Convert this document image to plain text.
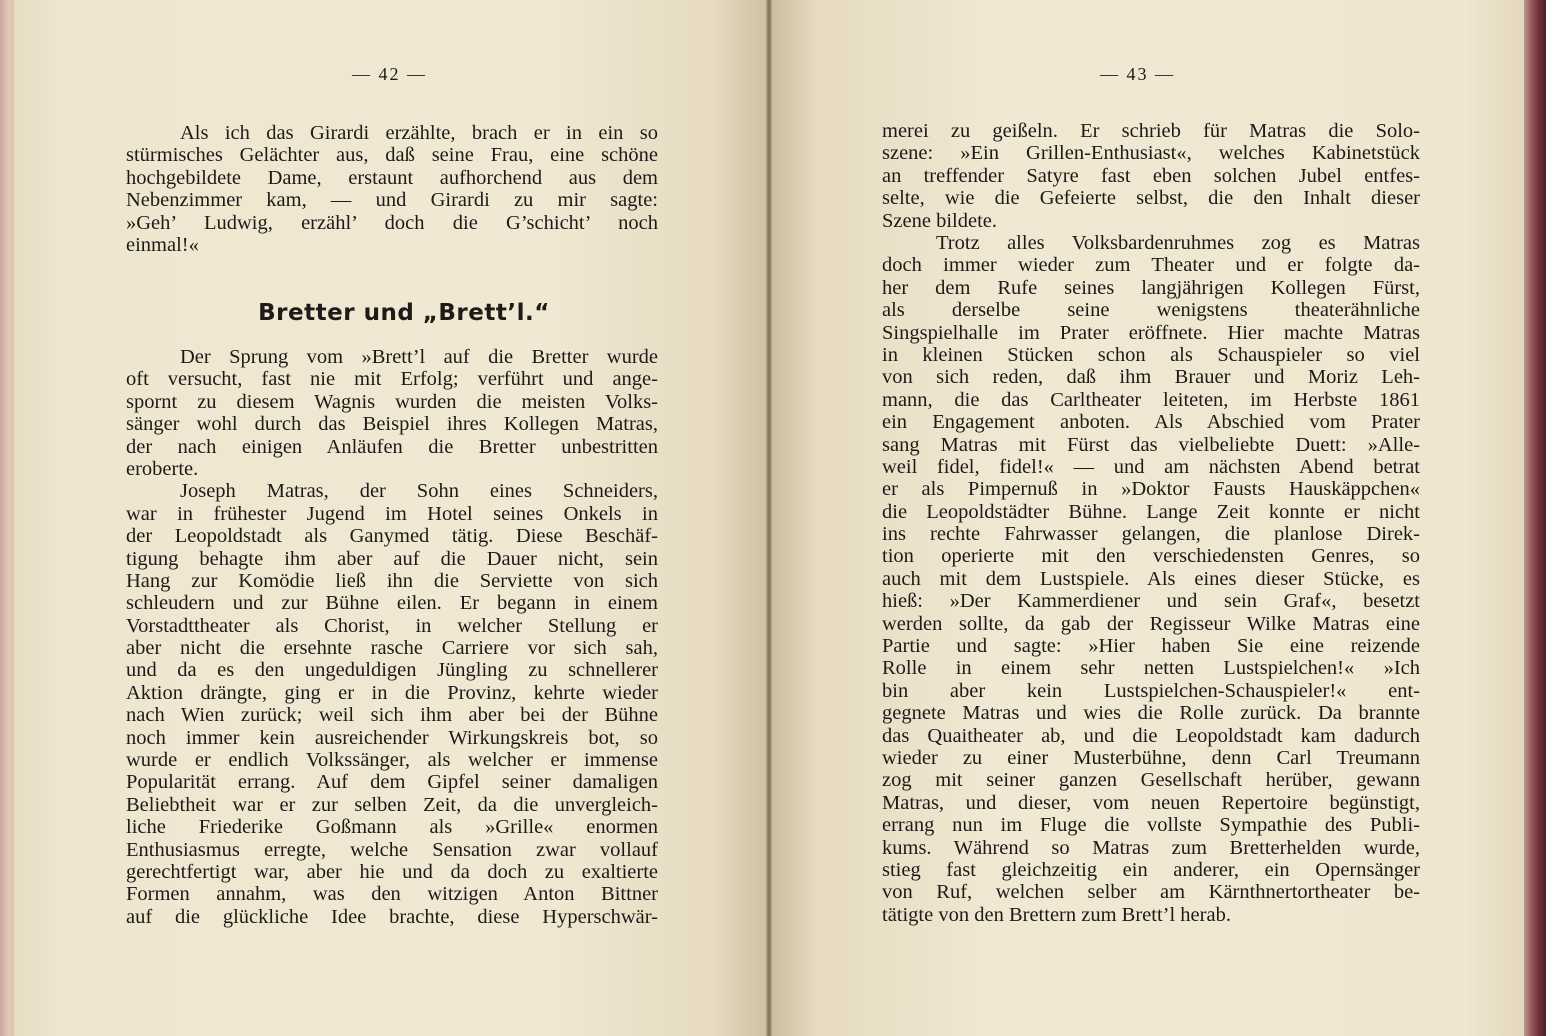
— 42 —
Als ich das Girardi erzählte, brach er in ein so
stürmisches Gelächter aus, daß seine Frau, eine schöne
hochgebildete Dame, erstaunt aufhorchend aus dem
Nebenzimmer kam, — und Girardi zu mir sagte:
»Geh’ Ludwig, erzähl’ doch die G’schicht’ noch
einmal!«
Bretter und „Brett’l.“
Der Sprung vom »Brett’l auf die Bretter wurde
oft versucht, fast nie mit Erfolg; verführt und ange-
spornt zu diesem Wagnis wurden die meisten Volks-
sänger wohl durch das Beispiel ihres Kollegen Matras,
der nach einigen Anläufen die Bretter unbestritten
eroberte.
Joseph Matras, der Sohn eines Schneiders,
war in frühester Jugend im Hotel seines Onkels in
der Leopoldstadt als Ganymed tätig. Diese Beschäf-
tigung behagte ihm aber auf die Dauer nicht, sein
Hang zur Komödie ließ ihn die Serviette von sich
schleudern und zur Bühne eilen. Er begann in einem
Vorstadttheater als Chorist, in welcher Stellung er
aber nicht die ersehnte rasche Carriere vor sich sah,
und da es den ungeduldigen Jüngling zu schnellerer
Aktion drängte, ging er in die Provinz, kehrte wieder
nach Wien zurück; weil sich ihm aber bei der Bühne
noch immer kein ausreichender Wirkungskreis bot, so
wurde er endlich Volkssänger, als welcher er immense
Popularität errang. Auf dem Gipfel seiner damaligen
Beliebtheit war er zur selben Zeit, da die unvergleich-
liche Friederike Goßmann als »Grille« enormen
Enthusiasmus erregte, welche Sensation zwar vollauf
gerechtfertigt war, aber hie und da doch zu exaltierte
Formen annahm, was den witzigen Anton Bittner
auf die glückliche Idee brachte, diese Hyperschwär-
— 43 —
merei zu geißeln. Er schrieb für Matras die Solo-
szene: »Ein Grillen-Enthusiast«, welches Kabinetstück
an treffender Satyre fast eben solchen Jubel entfes-
selte, wie die Gefeierte selbst, die den Inhalt dieser
Szene bildete.
Trotz alles Volksbardenruhmes zog es Matras
doch immer wieder zum Theater und er folgte da-
her dem Rufe seines langjährigen Kollegen Fürst,
als derselbe seine wenigstens theaterähnliche
Singspielhalle im Prater eröffnete. Hier machte Matras
in kleinen Stücken schon als Schauspieler so viel
von sich reden, daß ihm Brauer und Moriz Leh-
mann, die das Carltheater leiteten, im Herbste 1861
ein Engagement anboten. Als Abschied vom Prater
sang Matras mit Fürst das vielbeliebte Duett: »Alle-
weil fidel, fidel!« — und am nächsten Abend betrat
er als Pimpernuß in »Doktor Fausts Hauskäppchen«
die Leopoldstädter Bühne. Lange Zeit konnte er nicht
ins rechte Fahrwasser gelangen, die planlose Direk-
tion operierte mit den verschiedensten Genres, so
auch mit dem Lustspiele. Als eines dieser Stücke, es
hieß: »Der Kammerdiener und sein Graf«, besetzt
werden sollte, da gab der Regisseur Wilke Matras eine
Partie und sagte: »Hier haben Sie eine reizende
Rolle in einem sehr netten Lustspielchen!« »Ich
bin aber kein Lustspielchen-Schauspieler!« ent-
gegnete Matras und wies die Rolle zurück. Da brannte
das Quaitheater ab, und die Leopoldstadt kam dadurch
wieder zu einer Musterbühne, denn Carl Treumann
zog mit seiner ganzen Gesellschaft herüber, gewann
Matras, und dieser, vom neuen Repertoire begünstigt,
errang nun im Fluge die vollste Sympathie des Publi-
kums. Während so Matras zum Bretterhelden wurde,
stieg fast gleichzeitig ein anderer, ein Opernsänger
von Ruf, welchen selber am Kärnthnertortheater be-
tätigte von den Brettern zum Brett’l herab.
